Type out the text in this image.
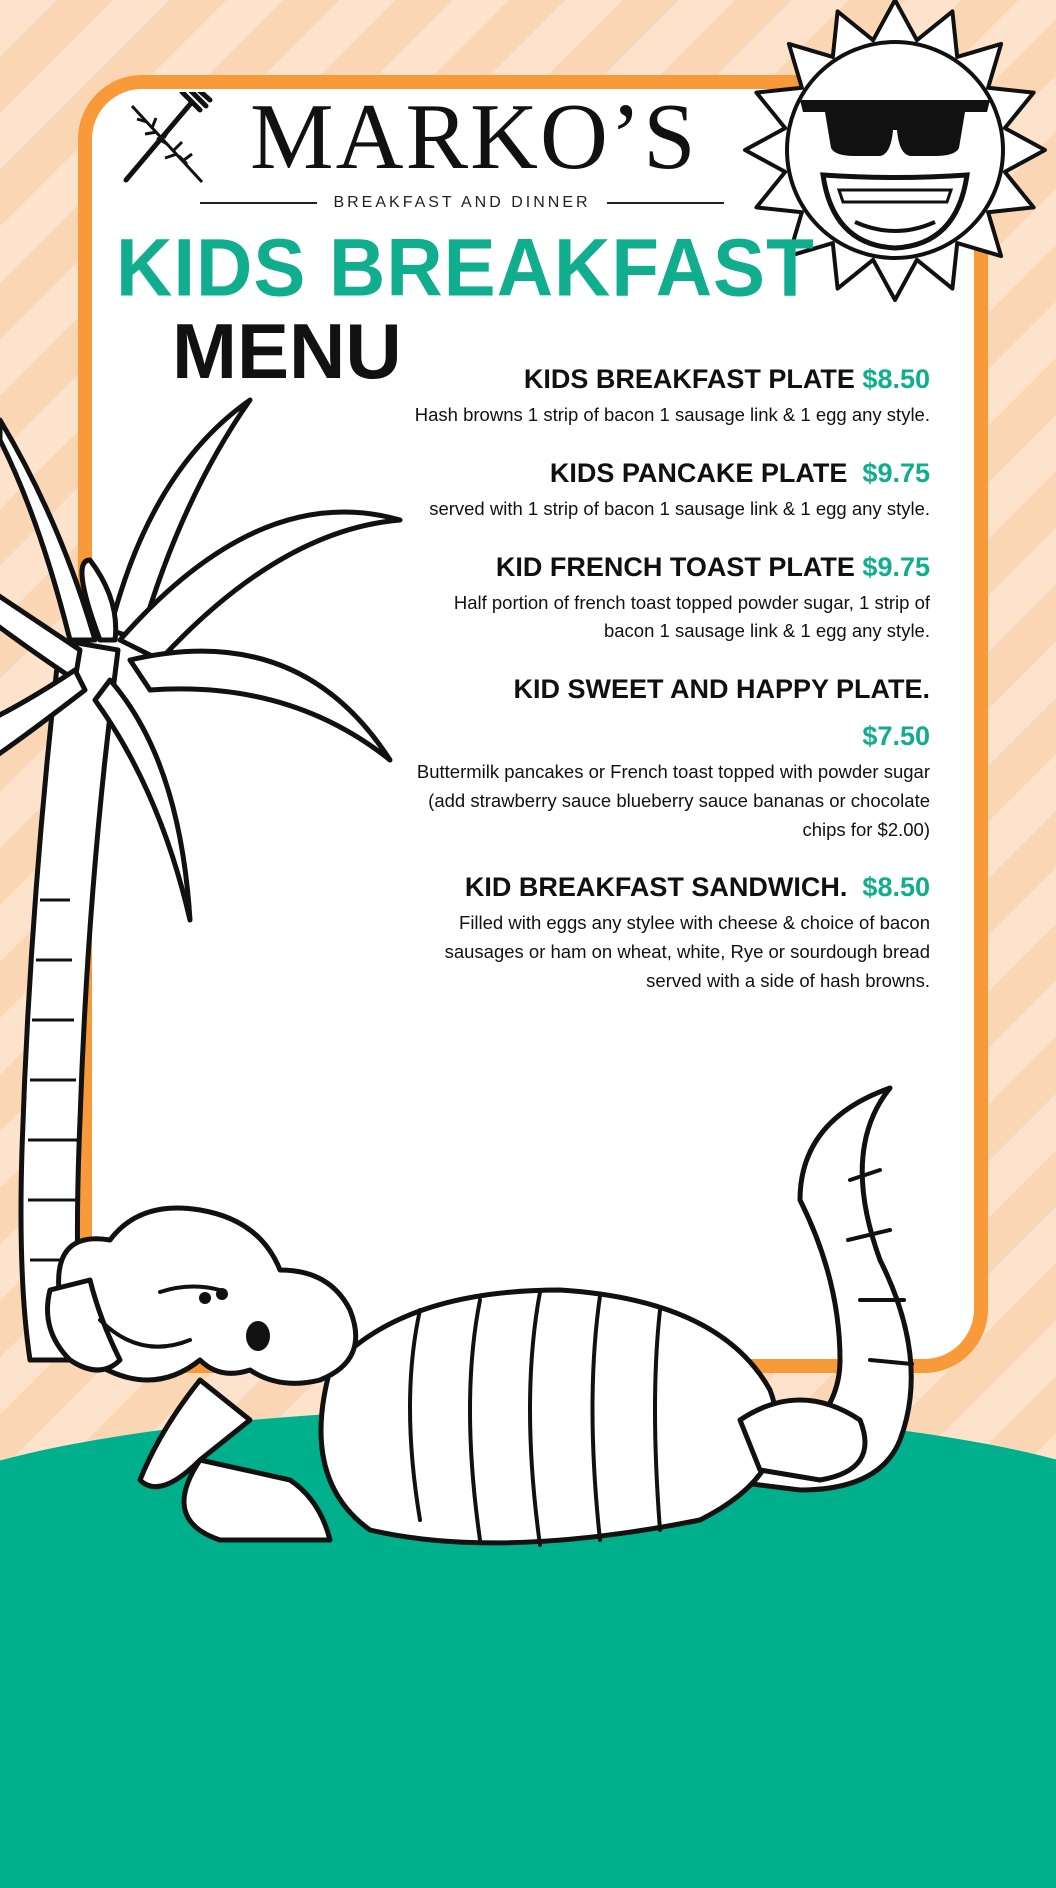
MARKO’S
BREAKFAST AND DINNER
KIDS BREAKFAST
MENU	KIDS BREAKFAST PLATE $8.50
Hash browns 1 strip of bacon 1 sausage link & 1 egg any style.
KIDS PANCAKE PLATE $9.75
served with 1 strip of bacon 1 sausage link & 1 egg any style.
KID FRENCH TOAST PLATE $9.75
Half portion of french toast topped powder sugar, 1 strip of bacon 1 sausage link & 1 egg any style.
KID SWEET AND HAPPY PLATE.
$7.50
Buttermilk pancakes or French toast topped with powder sugar (add strawberry sauce blueberry sauce bananas or chocolate chips for $2.00)
KID BREAKFAST SANDWICH. $8.50
Filled with eggs any stylee with cheese & choice of bacon sausages or ham on wheat, white, Rye or sourdough bread served with a side of hash browns.
